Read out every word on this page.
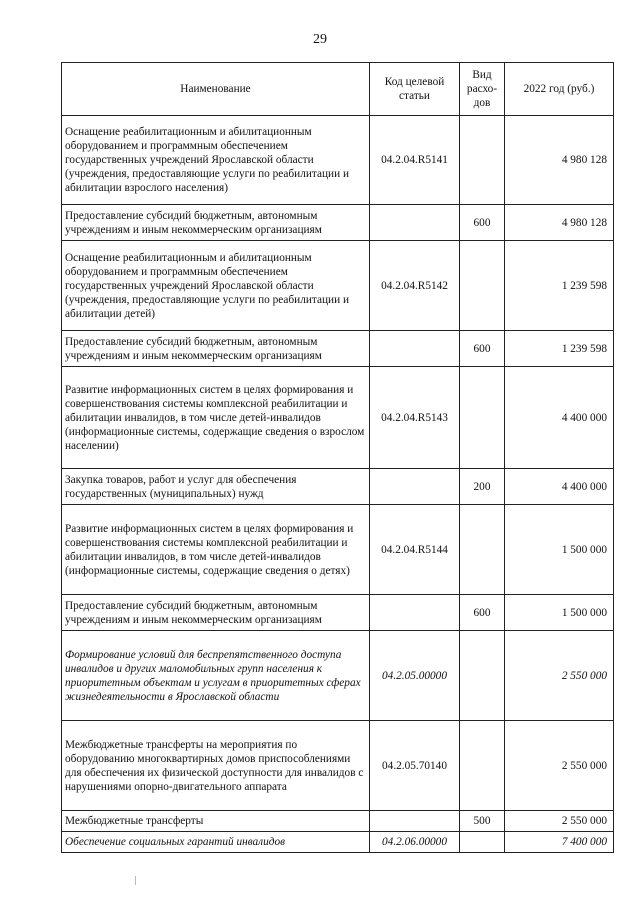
29
Наименование	Код целевой статьи	Вид расхо-дов	2022 год (руб.)
Оснащение реабилитационным и абилитационным оборудованием и программным обеспечением государственных учреждений Ярославской области (учреждения, предоставляющие услуги по реабилитации и абилитации взрослого населения)	04.2.04.R5141		4 980 128
Предоставление субсидий бюджетным, автономным учреждениям и иным некоммерческим организациям		600	4 980 128
Оснащение реабилитационным и абилитационным оборудованием и программным обеспечением государственных учреждений Ярославской области (учреждения, предоставляющие услуги по реабилитации и абилитации детей)	04.2.04.R5142		1 239 598
Предоставление субсидий бюджетным, автономным учреждениям и иным некоммерческим организациям		600	1 239 598
Развитие информационных систем в целях формирования и совершенствования системы комплексной реабилитации и абилитации инвалидов, в том числе детей-инвалидов (информационные системы, содержащие сведения о взрослом населении)	04.2.04.R5143		4 400 000
Закупка товаров, работ и услуг для обеспечения государственных (муниципальных) нужд		200	4 400 000
Развитие информационных систем в целях формирования и совершенствования системы комплексной реабилитации и абилитации инвалидов, в том числе детей-инвалидов (информационные системы, содержащие сведения о детях)	04.2.04.R5144		1 500 000
Предоставление субсидий бюджетным, автономным учреждениям и иным некоммерческим организациям		600	1 500 000
Формирование условий для беспрепятственного доступа инвалидов и других маломобильных групп населения к приоритетным объектам и услугам в приоритетных сферах жизнедеятельности в Ярославской области	04.2.05.00000		2 550 000
Межбюджетные трансферты на мероприятия по оборудованию многоквартирных домов приспособлениями для обеспечения их физической доступности для инвалидов с нарушениями опорно-двигательного аппарата	04.2.05.70140		2 550 000
Межбюджетные трансферты		500	2 550 000
Обеспечение социальных гарантий инвалидов	04.2.06.00000		7 400 000
